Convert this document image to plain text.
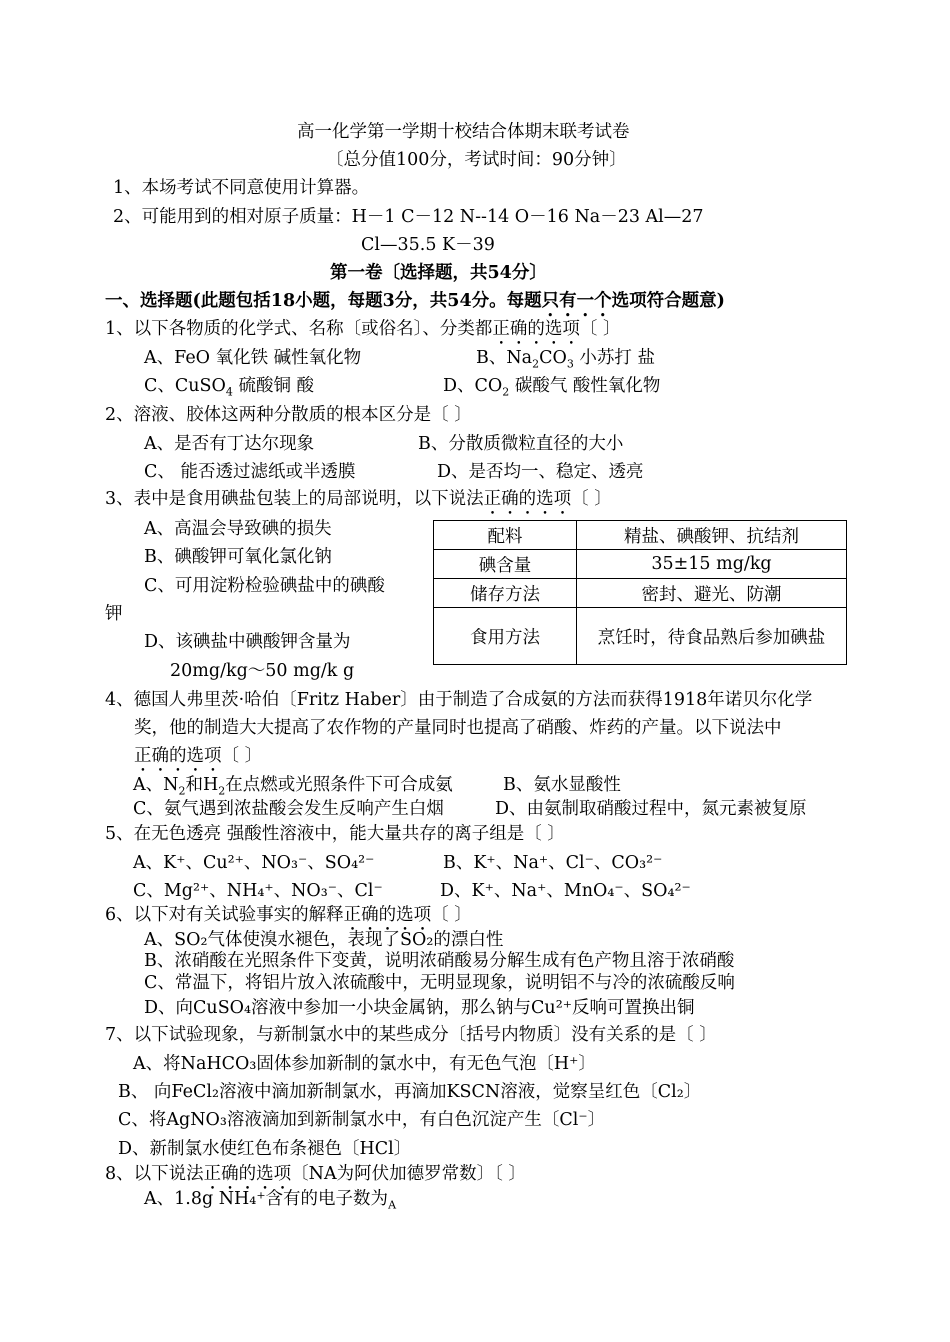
高一化学第一学期十校结合体期末联考试卷
〔总分值100分，考试时间：90分钟〕
1、本场考试不同意使用计算器。
2、可能用到的相对原子质量：H－1 C－12 N--14 O－16 Na－23 Al—27
Cl—35.5 K－39
第一卷〔选择题，共54分〕
一、选择题(此题包括18小题，每题3分，共54分。每题只有一个选项符合题意)
1、以下各物质的化学式、名称〔或俗名〕、分类都正确的选项〔 〕
A、FeO 氧化铁 碱性氧化物	B、$Na_2CO_3$ 小苏打 盐
C、CuSO$_4$ 硫酸铜 酸	D、$CO_2$ 碳酸气 酸性氧化物
2、溶液、胶体这两种分散质的根本区分是〔 〕
A、是否有丁达尔现象	B、分散质微粒直径的大小
C、 能否透过滤纸或半透膜	D、是否均一、稳定、透亮
3、表中是食用碘盐包装上的局部说明，以下说法正确的选项〔 〕
A、高温会导致碘的损失
B、碘酸钾可氧化氯化钠
C、可用淀粉检验碘盐中的碘酸
钾
D、该碘盐中碘酸钾含量为
20mg/kg～50 mg/k g
配料	精盐、碘酸钾、抗结剂
碘含量	35±15 mg/kg
储存方法	密封、避光、防潮
食用方法	烹饪时，待食品熟后参加碘盐
4、德国人弗里茨·哈伯〔Fritz Haber〕由于制造了合成氨的方法而获得1918年诺贝尔化学
奖，他的制造大大提高了农作物的产量同时也提高了硝酸、炸药的产量。以下说法中
正确的选项〔 〕
A、$N_2$和$H_2$在点燃或光照条件下可合成氨	B、氨水显酸性
C、氨气遇到浓盐酸会发生反响产生白烟	D、由氨制取硝酸过程中，氮元素被复原
5、在无色透亮 强酸性溶液中，能大量共存的离子组是〔 〕
A、K⁺、Cu²⁺、NO₃⁻、SO₄²⁻	B、K⁺、Na⁺、Cl⁻、CO₃²⁻
C、Mg²⁺、NH₄⁺、NO₃⁻、Cl⁻	D、K⁺、Na⁺、MnO₄⁻、SO₄²⁻
6、以下对有关试验事实的解释正确的选项〔 〕
A、SO₂气体使溴水褪色，表现了SO₂的漂白性
B、浓硝酸在光照条件下变黄，说明浓硝酸易分解生成有色产物且溶于浓硝酸
C、常温下，将铝片放入浓硫酸中，无明显现象，说明铝不与冷的浓硫酸反响
D、向CuSO₄溶液中参加一小块金属钠，那么钠与Cu²⁺反响可置换出铜
7、以下试验现象，与新制氯水中的某些成分〔括号内物质〕没有关系的是〔 〕
A、将NaHCO₃固体参加新制的氯水中，有无色气泡〔H⁺〕
B、 向FeCl₂溶液中滴加新制氯水，再滴加KSCN溶液，觉察呈红色〔Cl₂〕
C、将AgNO₃溶液滴加到新制氯水中，有白色沉淀产生〔Cl⁻〕
D、新制氯水使红色布条褪色〔HCl〕
8、以下说法正确的选项〔NA为阿伏加德罗常数〕〔 〕
A、1.8g NH₄⁺含有的电子数为$_A$
